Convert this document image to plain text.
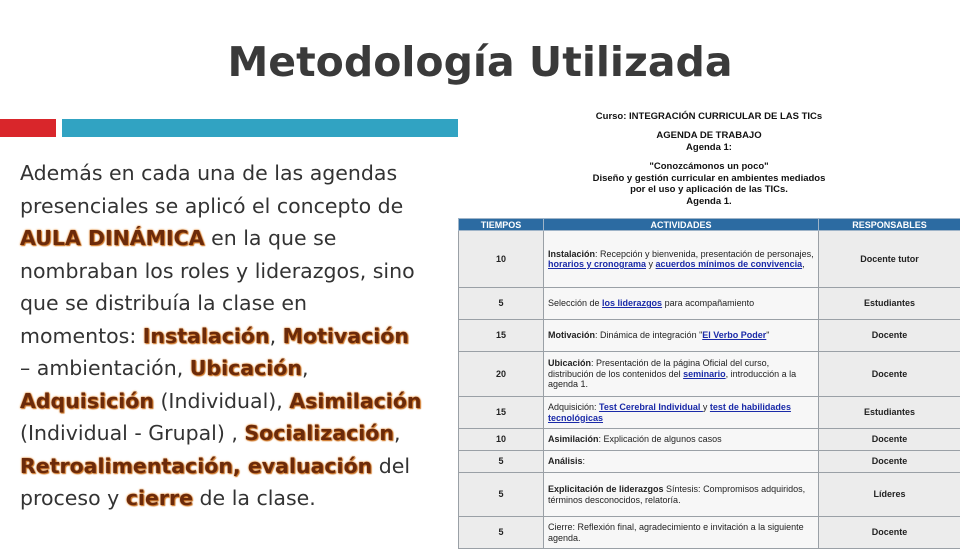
Metodología Utilizada
Además en cada una de las agendas presenciales se aplicó el concepto de AULA DINÁMICA en la que se nombraban los roles y liderazgos, sino que se distribuía la clase en momentos: Instalación, Motivación – ambientación, Ubicación, Adquisición (Individual), Asimilación (Individual - Grupal) , Socialización, Retroalimentación, evaluación del proceso y cierre de la clase.
Curso: INTEGRACIÓN CURRICULAR DE LAS TICs
AGENDA DE TRABAJO
Agenda 1:
"Conozcámonos un poco"
Diseño y gestión curricular en ambientes mediados
por el uso y aplicación de las TICs.
Agenda 1.
TIEMPOS	ACTIVIDADES	RESPONSABLES
10	Instalación: Recepción y bienvenida, presentación de personajes, horarios y cronograma y acuerdos mínimos de convivencia,	Docente tutor
5	Selección de los liderazgos para acompañamiento	Estudiantes
15	Motivación: Dinámica de integración "El Verbo Poder"	Docente
20	Ubicación: Presentación de la página Oficial del curso, distribución de los contenidos del seminario, introducción a la agenda 1.	Docente
15	Adquisición: Test Cerebral Individual y test de habilidades tecnológicas	Estudiantes
10	Asimilación: Explicación de algunos casos	Docente
5	Análisis:	Docente
5	Explicitación de liderazgos Síntesis: Compromisos adquiridos, términos desconocidos, relatoría.	Líderes
5	Cierre: Reflexión final, agradecimiento e invitación a la siguiente agenda.	Docente
